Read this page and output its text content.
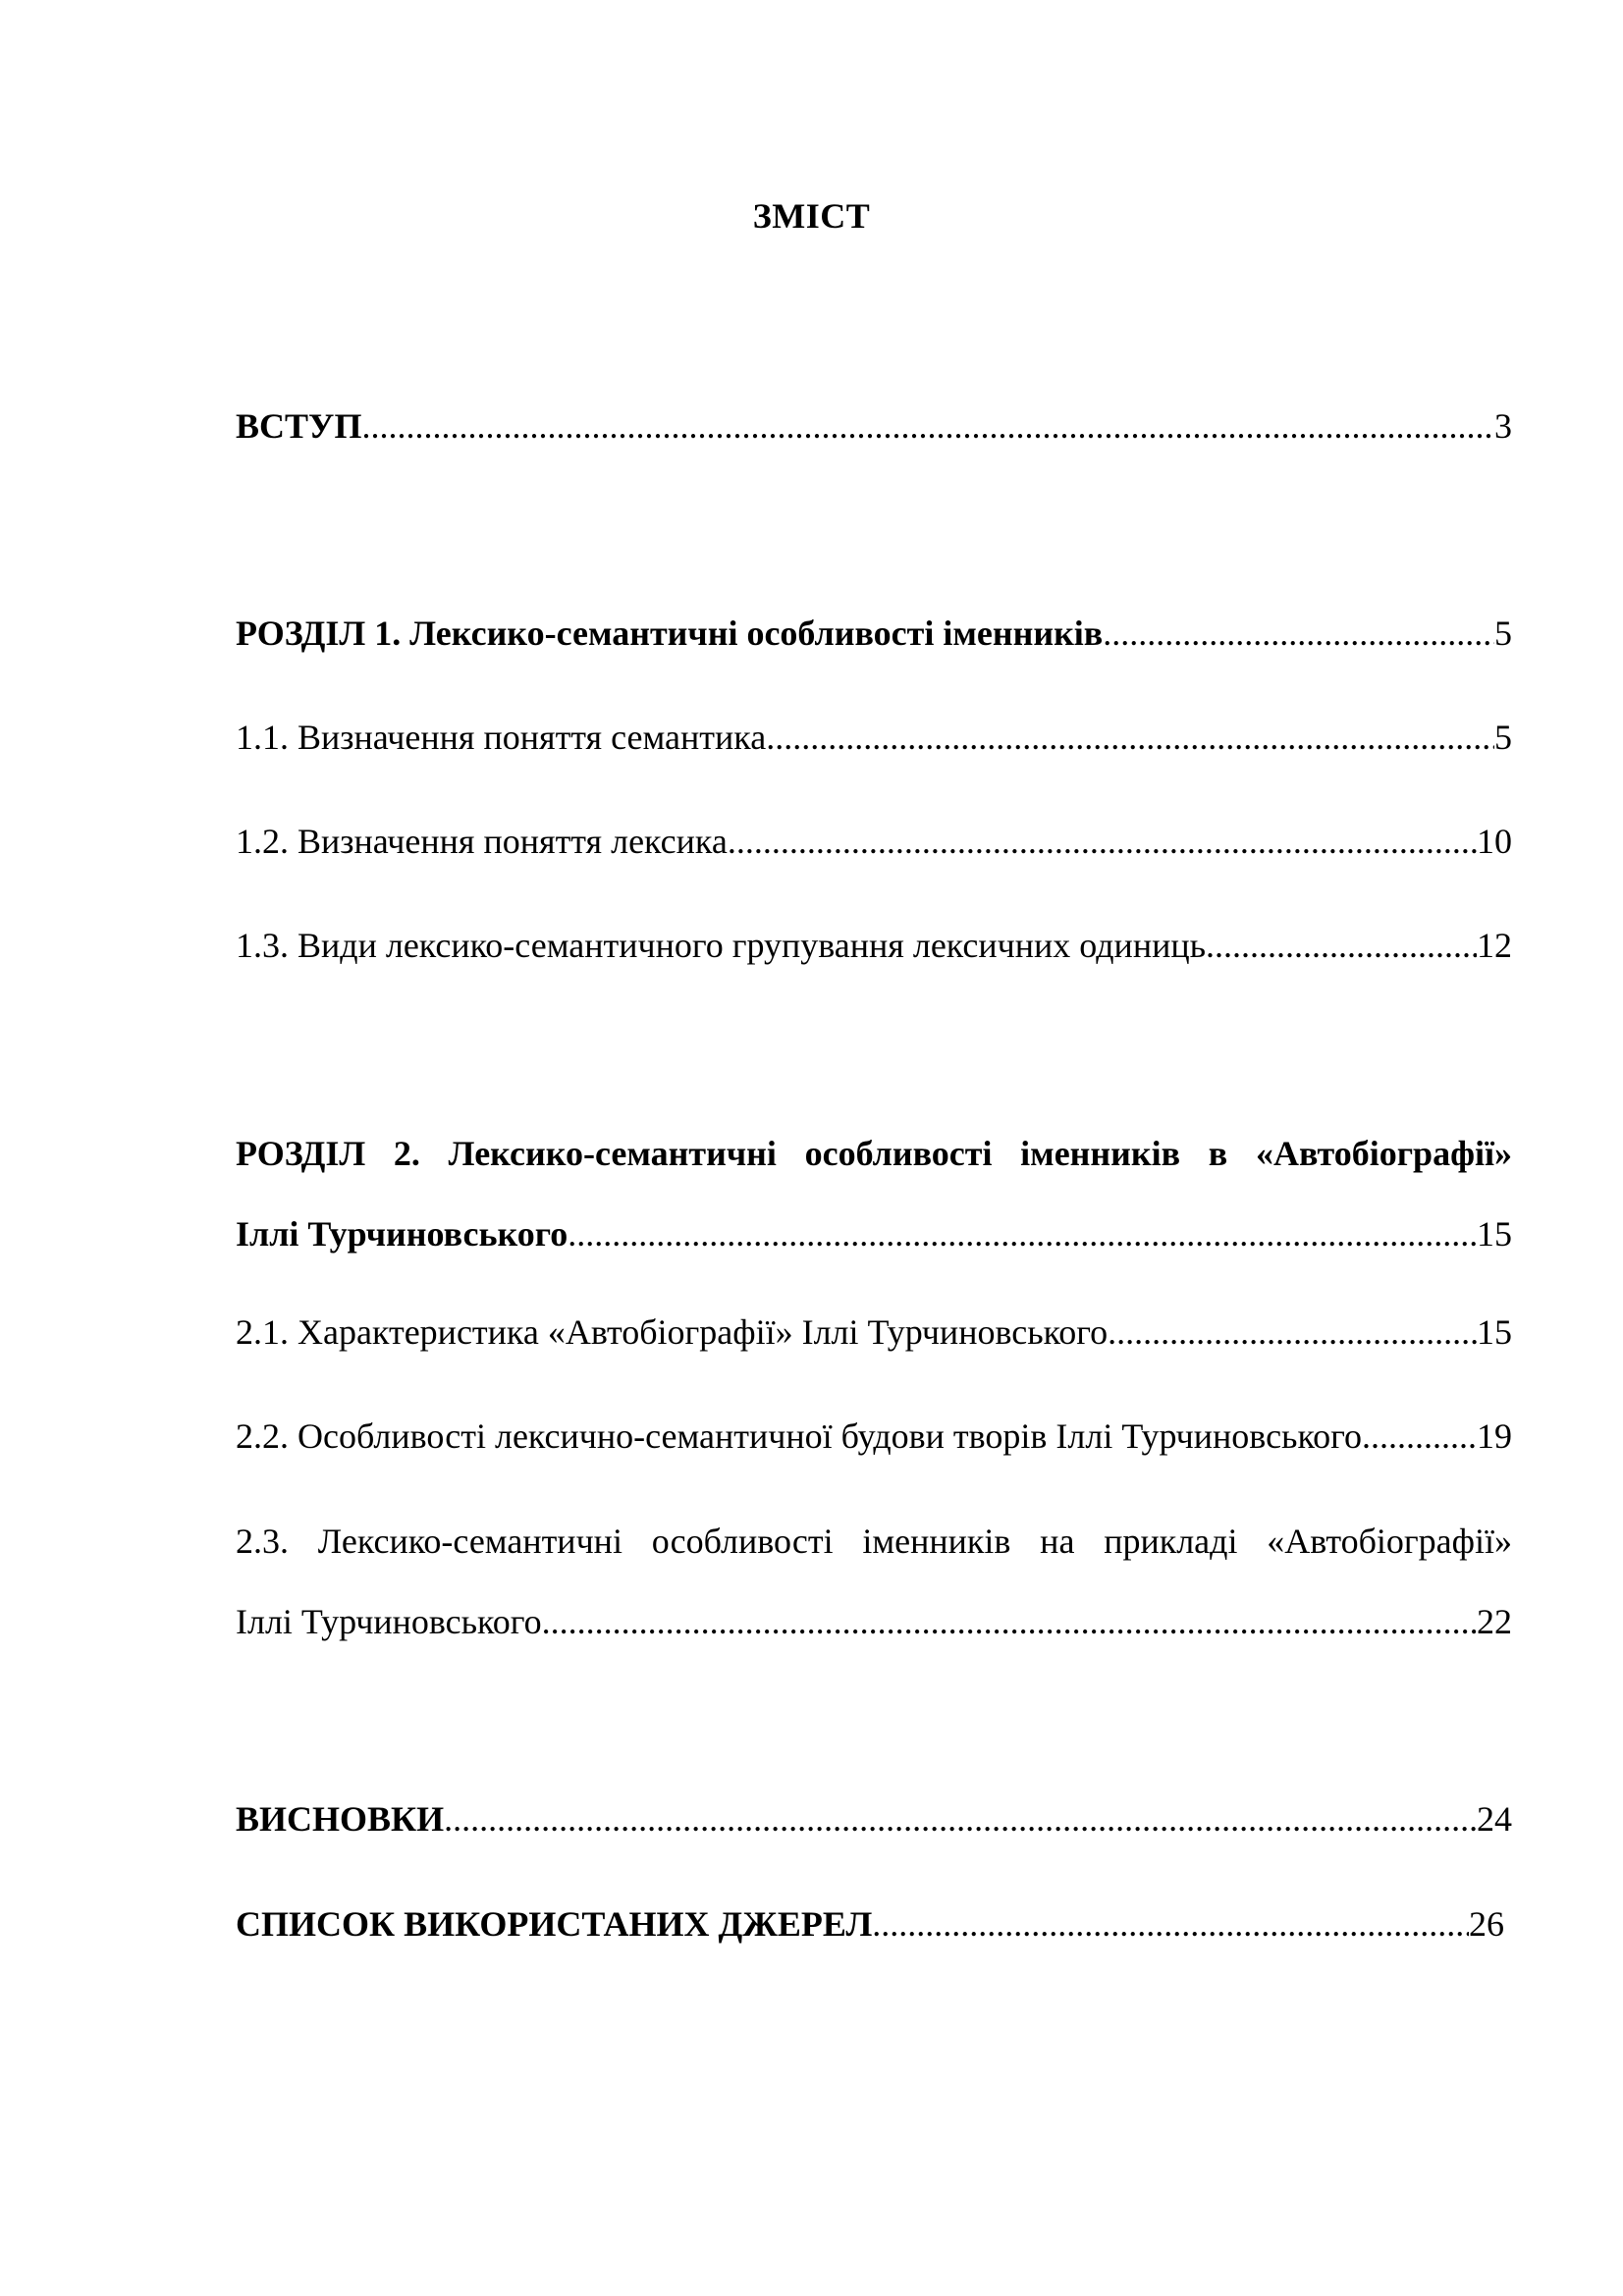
ЗМІСТ
ВСТУП .....	3
РОЗДІЛ 1. Лексико-семантичні особливості іменників .....	5
1.1. Визначення поняття семантика .....	5
1.2. Визначення поняття лексика .....	10
1.3. Види лексико-семантичного групування лексичних одиниць .....	12
РОЗДІЛ 2. Лексико-семантичні особливості іменників в «Автобіографії»
Іллі Турчиновського .....	15
2.1. Характеристика «Автобіографії» Іллі Турчиновського .....	15
2.2. Особливості лексично-семантичної будови творів Іллі Турчиновського .....	19
2.3. Лексико-семантичні особливості іменників на прикладі «Автобіографії»
Іллі Турчиновського .....	22
ВИСНОВКИ .....	24
СПИСОК ВИКОРИСТАНИХ ДЖЕРЕЛ .....	26
